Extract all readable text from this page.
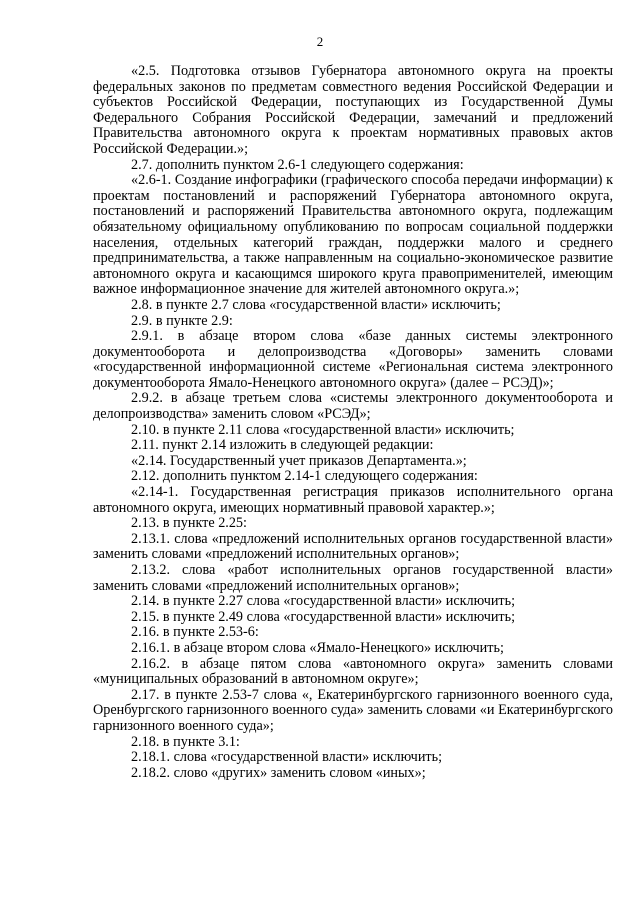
2

«2.5. Подготовка отзывов Губернатора автономного округа на проекты федеральных законов по предметам совместного ведения Российской Федерации и субъектов Российской Федерации, поступающих из Государственной Думы Федерального Собрания Российской Федерации, замечаний и предложений Правительства автономного округа к проектам нормативных правовых актов Российской Федерации.»;

2.7. дополнить пунктом 2.6-1 следующего содержания:

«2.6-1. Создание инфографики (графического способа передачи информации) к проектам постановлений и распоряжений Губернатора автономного округа, постановлений и распоряжений Правительства автономного округа, подлежащим обязательному официальному опубликованию по вопросам социальной поддержки населения, отдельных категорий граждан, поддержки малого и среднего предпринимательства, а также направленным на социально-экономическое развитие автономного округа и касающимся широкого круга правоприменителей, имеющим важное информационное значение для жителей автономного округа.»;

2.8. в пункте 2.7 слова «государственной власти» исключить;

2.9. в пункте 2.9:

2.9.1. в абзаце втором слова «базе данных системы электронного документооборота и делопроизводства «Договоры» заменить словами «государственной информационной системе «Региональная система электронного документооборота Ямало-Ненецкого автономного округа» (далее – РСЭД)»;

2.9.2. в абзаце третьем слова «системы электронного документооборота и делопроизводства» заменить словом «РСЭД»;

2.10. в пункте 2.11 слова «государственной власти» исключить;

2.11. пункт 2.14 изложить в следующей редакции:

«2.14. Государственный учет приказов Департамента.»;

2.12. дополнить пунктом 2.14-1 следующего содержания:

«2.14-1. Государственная регистрация приказов исполнительного органа автономного округа, имеющих нормативный правовой характер.»;

2.13. в пункте 2.25:

2.13.1. слова «предложений исполнительных органов государственной власти» заменить словами «предложений исполнительных органов»;

2.13.2. слова «работ исполнительных органов государственной власти» заменить словами «предложений исполнительных органов»;

2.14. в пункте 2.27 слова «государственной власти» исключить;

2.15. в пункте 2.49 слова «государственной власти» исключить;

2.16. в пункте 2.53-6:

2.16.1. в абзаце втором слова «Ямало-Ненецкого» исключить;

2.16.2. в абзаце пятом слова «автономного округа» заменить словами «муниципальных образований в автономном округе»;

2.17. в пункте 2.53-7 слова «, Екатеринбургского гарнизонного военного суда, Оренбургского гарнизонного военного суда» заменить словами «и Екатеринбургского гарнизонного военного суда»;

2.18. в пункте 3.1:

2.18.1. слова «государственной власти» исключить;

2.18.2. слово «других» заменить словом «иных»;
